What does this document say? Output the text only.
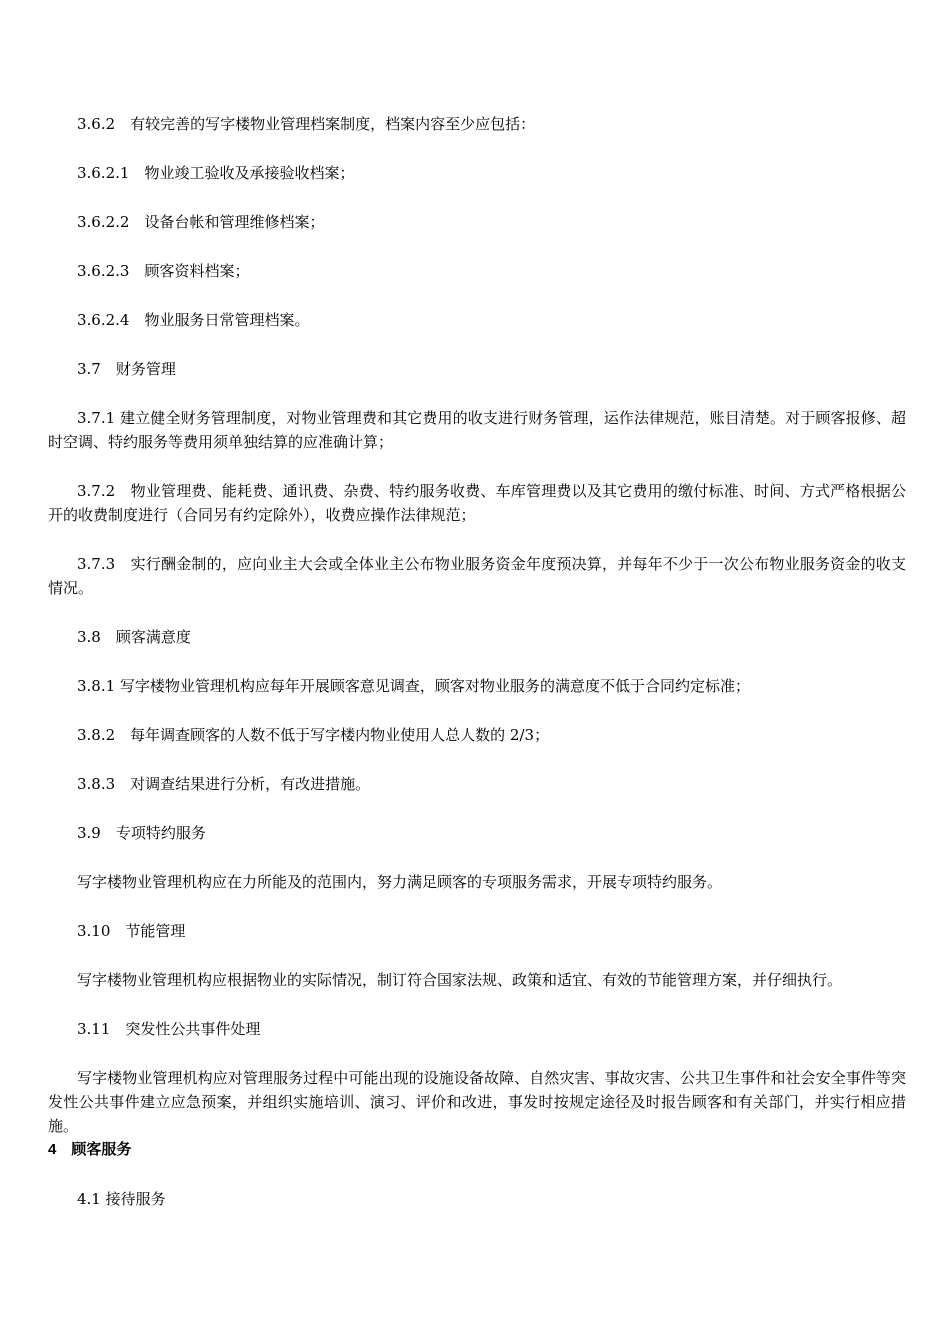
3.6.2　有较完善的写字楼物业管理档案制度，档案内容至少应包括：

3.6.2.1　物业竣工验收及承接验收档案；

3.6.2.2　设备台帐和管理维修档案；

3.6.2.3　顾客资料档案；

3.6.2.4　物业服务日常管理档案。

3.7　财务管理

3.7.1 建立健全财务管理制度，对物业管理费和其它费用的收支进行财务管理，运作法律规范，账目清楚。对于顾客报修、超时空调、特约服务等费用须单独结算的应准确计算；

3.7.2　物业管理费、能耗费、通讯费、杂费、特约服务收费、车库管理费以及其它费用的缴付标准、时间、方式严格根据公开的收费制度进行（合同另有约定除外），收费应操作法律规范；

3.7.3　实行酬金制的，应向业主大会或全体业主公布物业服务资金年度预决算，并每年不少于一次公布物业服务资金的收支情况。

3.8　顾客满意度

3.8.1 写字楼物业管理机构应每年开展顾客意见调查，顾客对物业服务的满意度不低于合同约定标准；

3.8.2　每年调查顾客的人数不低于写字楼内物业使用人总人数的 2/3；

3.8.3　对调查结果进行分析，有改进措施。

3.9　专项特约服务

写字楼物业管理机构应在力所能及的范围内，努力满足顾客的专项服务需求，开展专项特约服务。

3.10　节能管理

写字楼物业管理机构应根据物业的实际情况，制订符合国家法规、政策和适宜、有效的节能管理方案，并仔细执行。

3.11　突发性公共事件处理

写字楼物业管理机构应对管理服务过程中可能出现的设施设备故障、自然灾害、事故灾害、公共卫生事件和社会安全事件等突发性公共事件建立应急预案，并组织实施培训、演习、评价和改进，事发时按规定途径及时报告顾客和有关部门，并实行相应措施。

4　顾客服务

4.1 接待服务
